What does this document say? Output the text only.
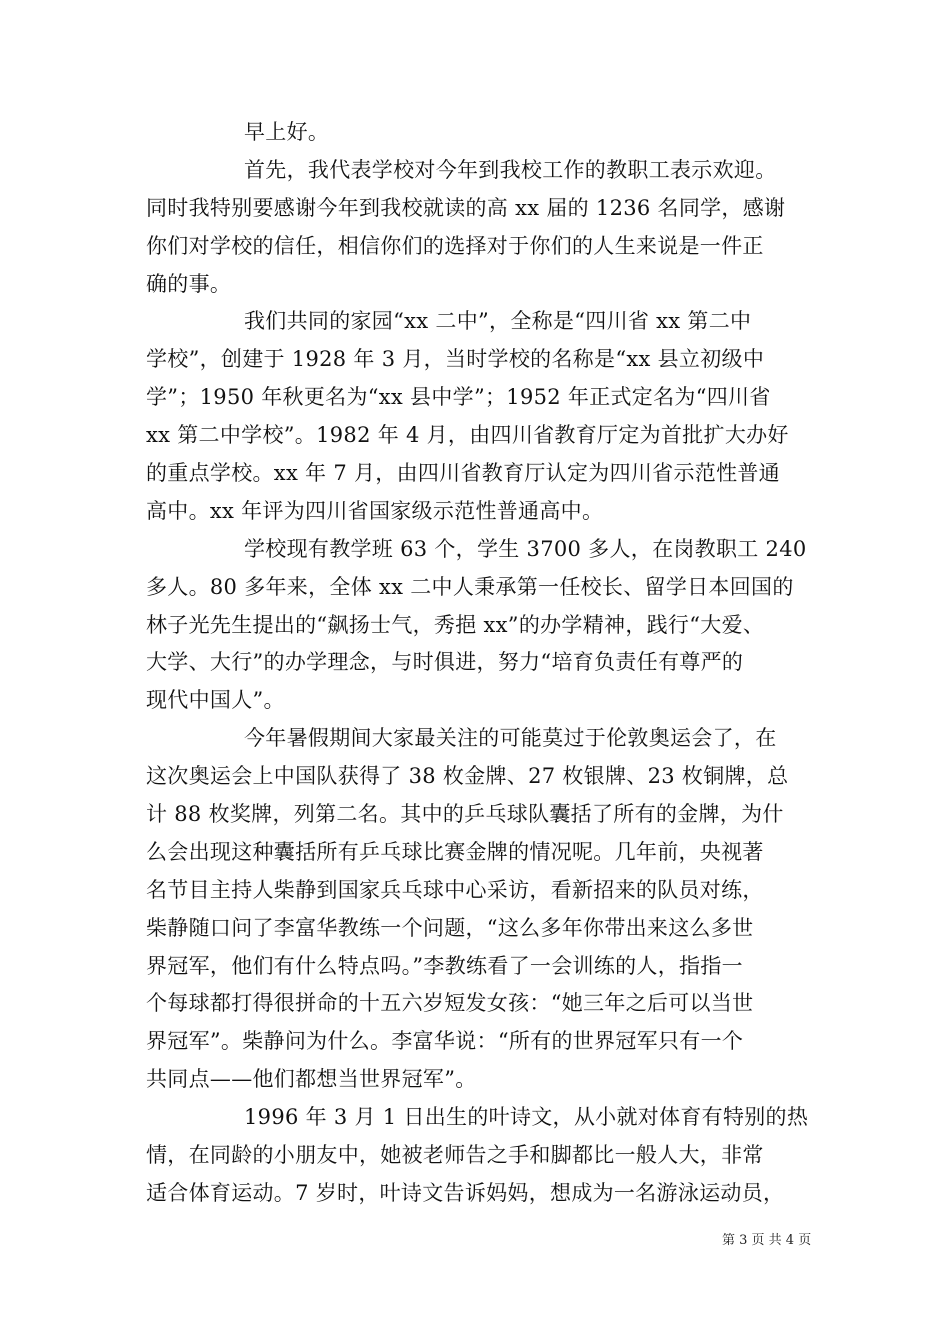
早上好。
首先，我代表学校对今年到我校工作的教职工表示欢迎。
同时我特别要感谢今年到我校就读的高 xx 届的 1236 名同学，感谢
你们对学校的信任，相信你们的选择对于你们的人生来说是一件正
确的事。
我们共同的家园“xx 二中”，全称是“四川省 xx 第二中
学校”，创建于 1928 年 3 月，当时学校的名称是“xx 县立初级中
学”；1950 年秋更名为“xx 县中学”；1952 年正式定名为“四川省
xx 第二中学校”。1982 年 4 月，由四川省教育厅定为首批扩大办好
的重点学校。xx 年 7 月，由四川省教育厅认定为四川省示范性普通
高中。xx 年评为四川省国家级示范性普通高中。
学校现有教学班 63 个，学生 3700 多人，在岗教职工 240
多人。80 多年来，全体 xx 二中人秉承第一任校长、留学日本回国的
林子光先生提出的“飙扬士气，秀挹 xx”的办学精神，践行“大爱、
大学、大行”的办学理念，与时俱进，努力“培育负责任有尊严的
现代中国人”。
今年暑假期间大家最关注的可能莫过于伦敦奥运会了，在
这次奥运会上中国队获得了 38 枚金牌、27 枚银牌、23 枚铜牌，总
计 88 枚奖牌，列第二名。其中的乒乓球队囊括了所有的金牌，为什
么会出现这种囊括所有乒乓球比赛金牌的情况呢。几年前，央视著
名节目主持人柴静到国家兵乓球中心采访，看新招来的队员对练，
柴静随口问了李富华教练一个问题，“这么多年你带出来这么多世
界冠军，他们有什么特点吗。”李教练看了一会训练的人，指指一
个每球都打得很拼命的十五六岁短发女孩：“她三年之后可以当世
界冠军”。柴静问为什么。李富华说：“所有的世界冠军只有一个
共同点——他们都想当世界冠军”。
1996 年 3 月 1 日出生的叶诗文，从小就对体育有特别的热
情，在同龄的小朋友中，她被老师告之手和脚都比一般人大，非常
适合体育运动。7 岁时，叶诗文告诉妈妈，想成为一名游泳运动员，
第 3 页 共 4 页
